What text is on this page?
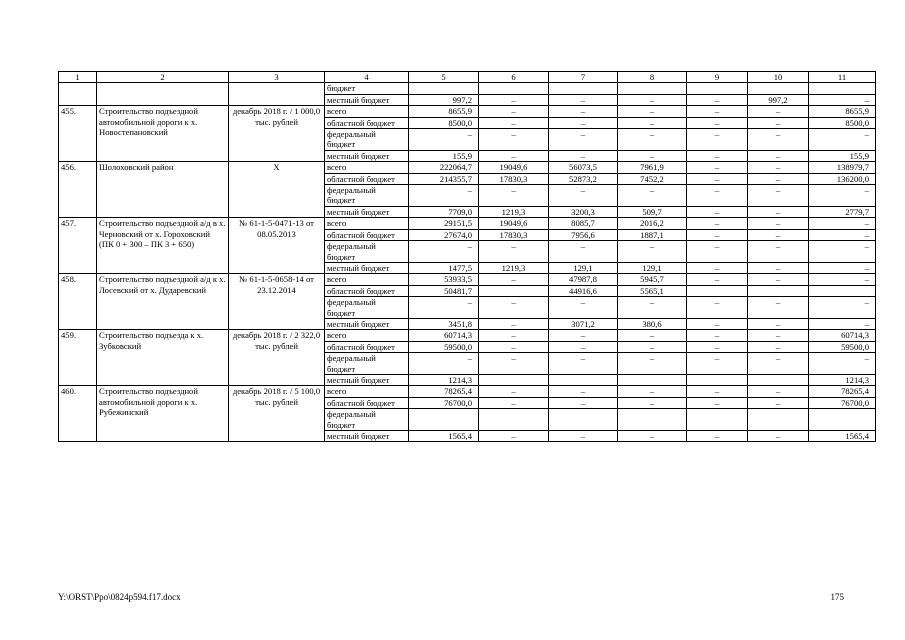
1	2	3	4	5	6	7	8	9	10	11
			бюджет							
			местный бюджет	997,2	–	–	–	–	997,2	–
455.	Строительство подъездной автомобильной дороги к х. Новостепановский	декабрь 2018 г. / 1 000,0 тыс. рублей	всего	8655,9	–	–	–	–	–	8655,9
			областной бюджет	8500,0	–	–	–	–	–	8500,0
			федеральный бюджет	–	–	–	–	–	–	–
			местный бюджет	155,9	–	–	–	–	–	155,9
456.	Шолоховский район	Х	всего	222064,7	19049,6	56073,5	7961,9	–	–	138979,7
			областной бюджет	214355,7	17830,3	52873,2	7452,2	–	–	136200,0
			федеральный бюджет	–	–	–	–	–	–	–
			местный бюджет	7709,0	1219,3	3200,3	509,7	–	–	2779,7
457.	Строительство подъездной а/д в х. Черновский от х. Гороховский (ПК 0 + 300 – ПК 3 + 650)	№ 61-1-5-0471-13 от 08.05.2013	всего	29151,5	19049,6	8085,7	2016,2	–	–	–
			областной бюджет	27674,0	17830,3	7956,6	1887,1	–	–	–
			федеральный бюджет	–	–	–	–	–	–	–
			местный бюджет	1477,5	1219,3	129,1	129,1	–	–	–
458.	Строительство подъездной а/д к х. Лосевский от х. Дударевский	№ 61-1-5-0658-14 от 23.12.2014	всего	53933,5	–	47987,8	5945,7	–	–	–
			областной бюджет	50481,7		44916,6	5565,1			
			федеральный бюджет	–	–	–	–	–	–	–
			местный бюджет	3451,8	–	3071,2	380,6	–	–	–
459.	Строительство подъезда к х. Зубковский	декабрь 2018 г. / 2 322,0 тыс. рублей	всего	60714,3	–	–	–	–	–	60714,3
			областной бюджет	59500,0	–	–	–	–	–	59500,0
			федеральный бюджет	–	–	–	–	–	–	–
			местный бюджет	1214,3						1214,3
460.	Строительство подъездной автомобильной дороги к х. Рубежинский	декабрь 2018 г. / 5 100,0 тыс. рублей	всего	78265,4	–	–	–	–	–	78265,4
			областной бюджет	76700,0	–	–	–	–	–	76700,0
			федеральный бюджет							
			местный бюджет	1565,4	–	–	–	–	–	1565,4
Y:\ORST\Ppo\0824p594.f17.docx	175
